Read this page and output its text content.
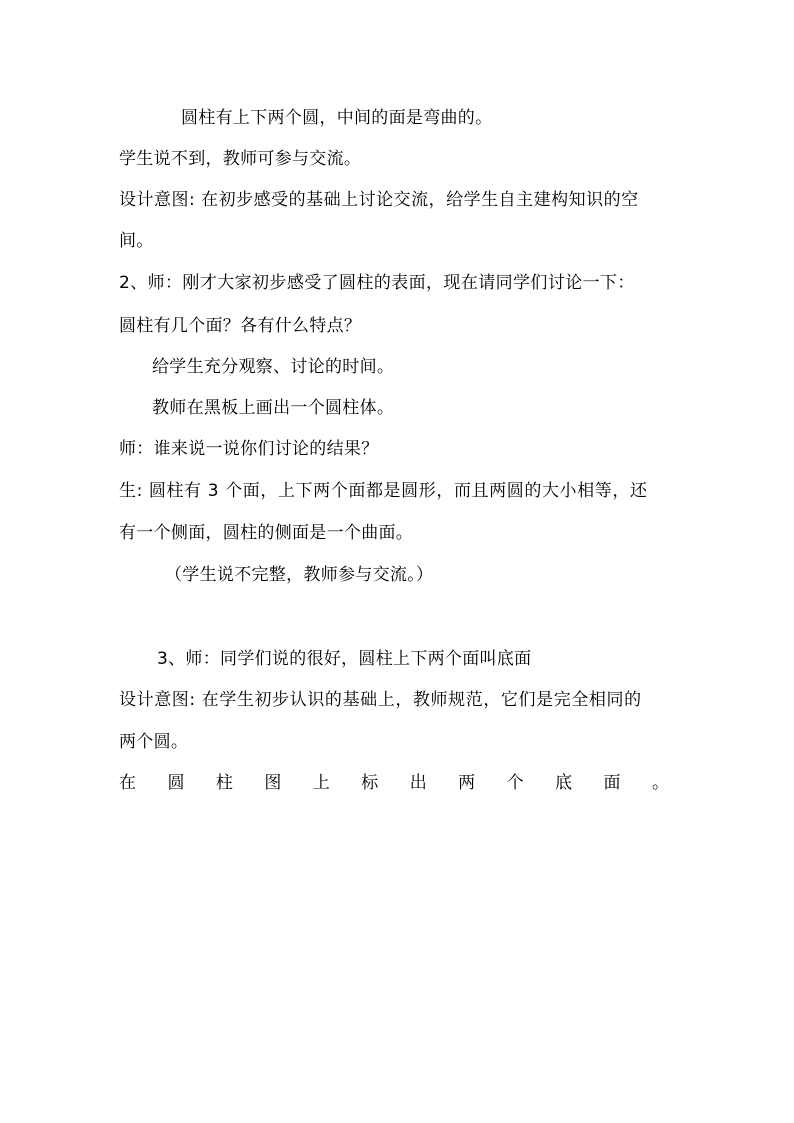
圆柱有上下两个圆，中间的面是弯曲的。
学生说不到，教师可参与交流。
设计意图: 在初步感受的基础上讨论交流，给学生自主建构知识的空
间。
2、师：刚才大家初步感受了圆柱的表面，现在请同学们讨论一下：
圆柱有几个面？各有什么特点？
给学生充分观察、讨论的时间。
教师在黑板上画出一个圆柱体。
师：谁来说一说你们讨论的结果？
生: 圆柱有 3 个面，上下两个面都是圆形，而且两圆的大小相等，还
有一个侧面，圆柱的侧面是一个曲面。
（学生说不完整，教师参与交流。）
3、师：同学们说的很好，圆柱上下两个面叫底面
设计意图: 在学生初步认识的基础上，教师规范，它们是完全相同的
两个圆。
在 圆 柱 图 上 标 出 两 个 底 面 。
